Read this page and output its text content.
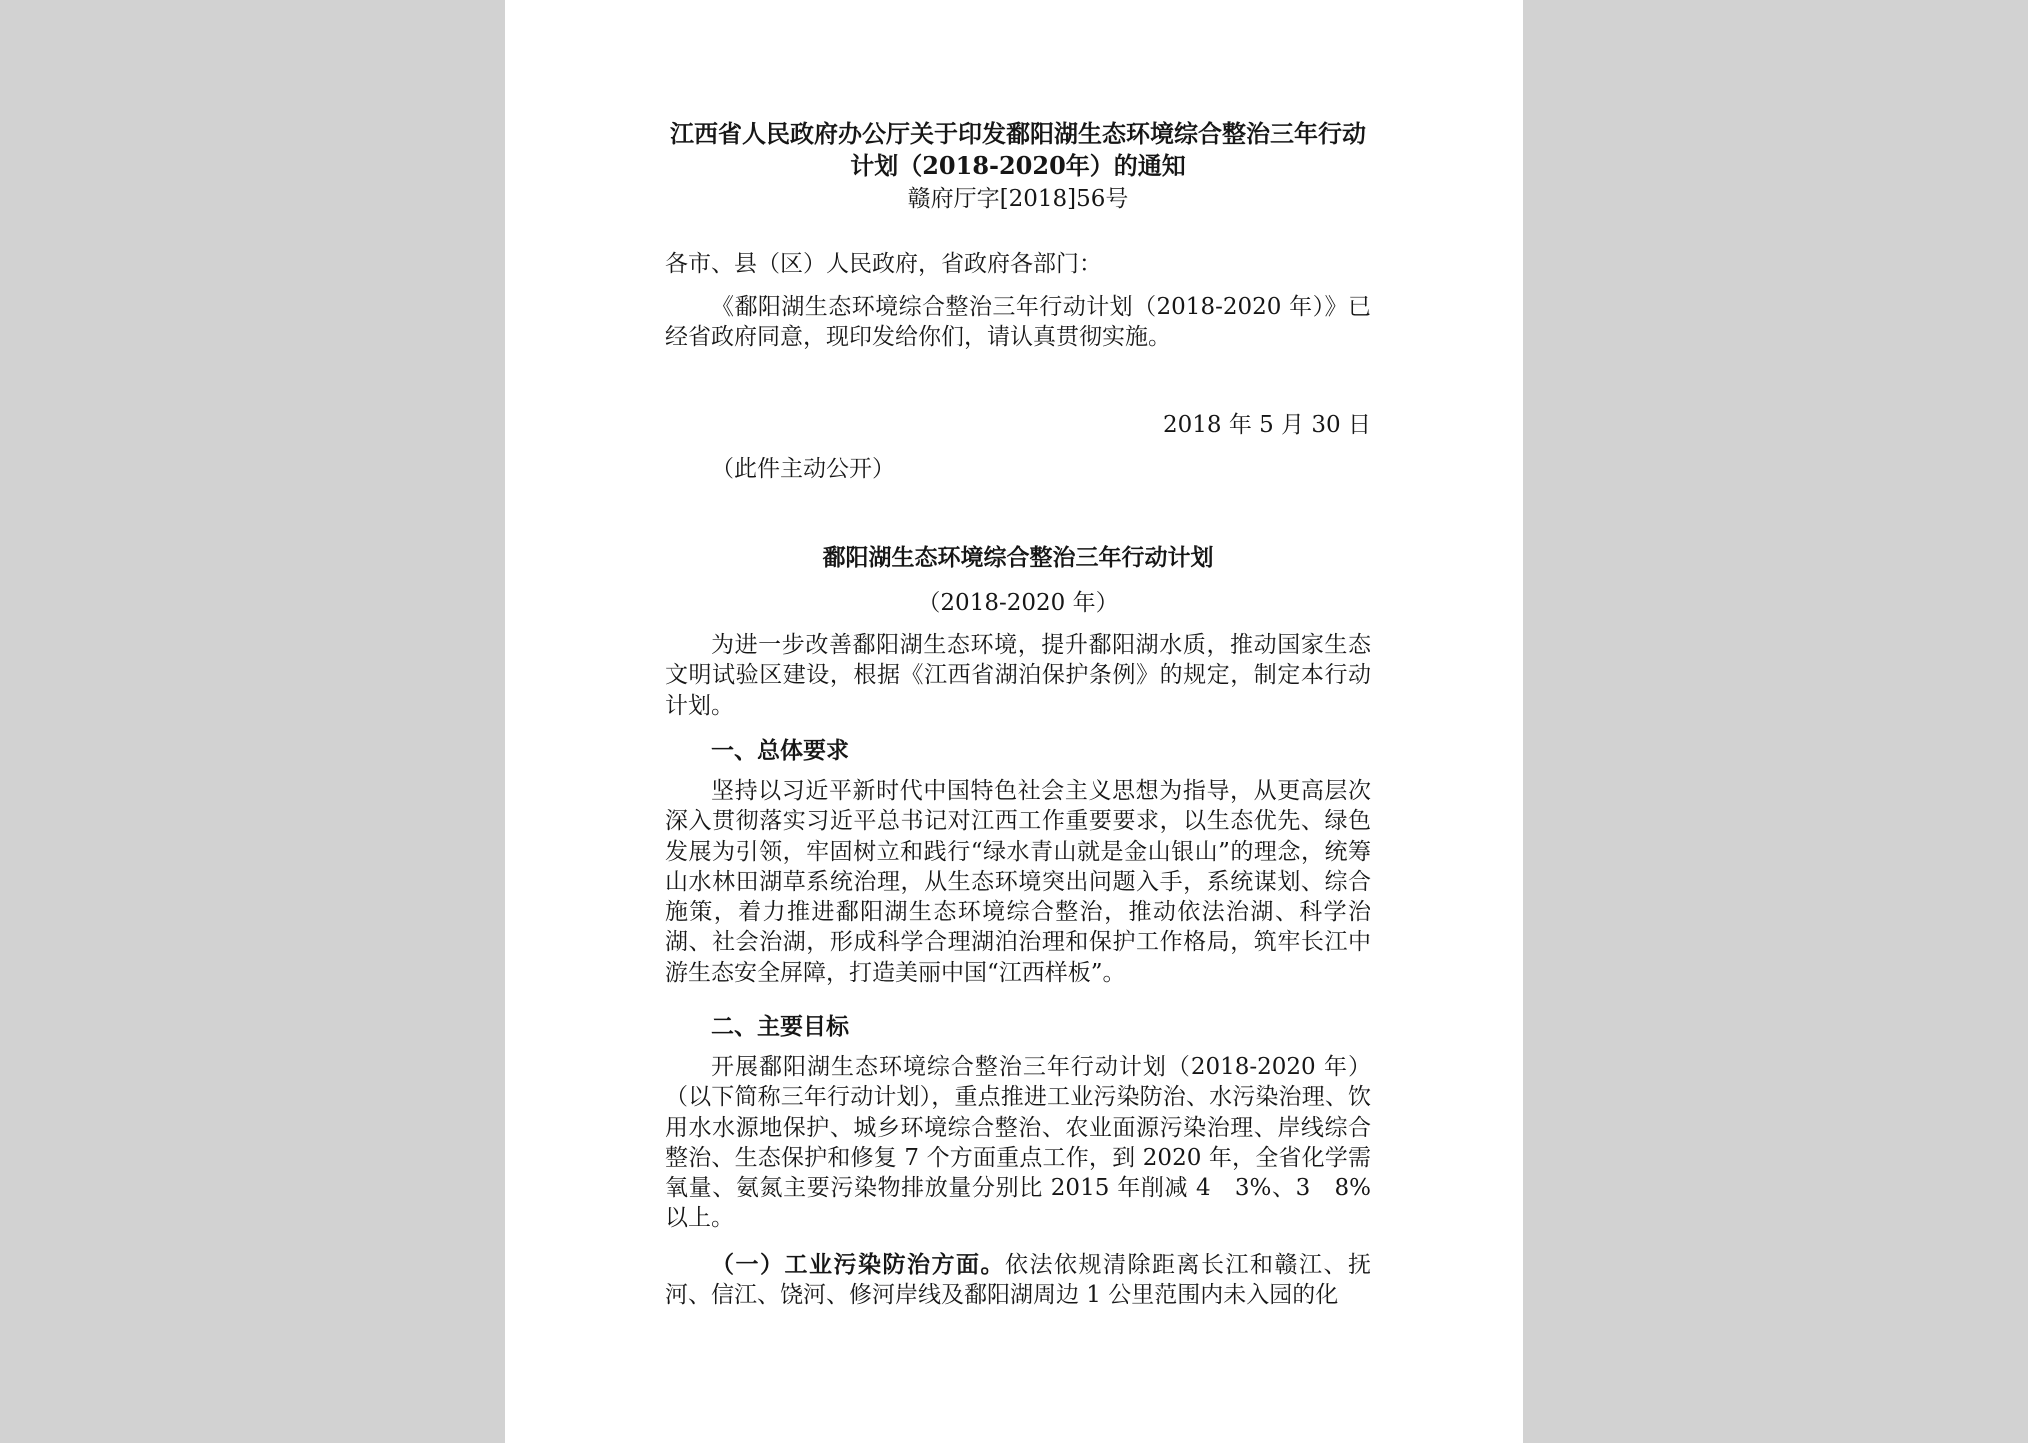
江西省人民政府办公厅关于印发鄱阳湖生态环境综合整治三年行动

计划（2018-2020年）的通知

赣府厅字[2018]56号

各市、县（区）人民政府，省政府各部门：

《鄱阳湖生态环境综合整治三年行动计划（2018-2020 年）》已经省政府同意，现印发给你们，请认真贯彻实施。

2018 年 5 月 30 日

（此件主动公开）

鄱阳湖生态环境综合整治三年行动计划

（2018-2020 年）

为进一步改善鄱阳湖生态环境，提升鄱阳湖水质，推动国家生态文明试验区建设，根据《江西省湖泊保护条例》的规定，制定本行动计划。

一、总体要求

坚持以习近平新时代中国特色社会主义思想为指导，从更高层次深入贯彻落实习近平总书记对江西工作重要要求，以生态优先、绿色发展为引领，牢固树立和践行“绿水青山就是金山银山”的理念，统筹山水林田湖草系统治理，从生态环境突出问题入手，系统谋划、综合施策，着力推进鄱阳湖生态环境综合整治，推动依法治湖、科学治湖、社会治湖，形成科学合理湖泊治理和保护工作格局，筑牢长江中游生态安全屏障，打造美丽中国“江西样板”。

二、主要目标

开展鄱阳湖生态环境综合整治三年行动计划（2018-2020 年）（以下简称三年行动计划），重点推进工业污染防治、水污染治理、饮用水水源地保护、城乡环境综合整治、农业面源污染治理、岸线综合整治、生态保护和修复 7 个方面重点工作，到 2020 年，全省化学需氧量、氨氮主要污染物排放量分别比 2015 年削减 4　3%、3　8%以上。

（一）工业污染防治方面。依法依规清除距离长江和赣江、抚河、信江、饶河、修河岸线及鄱阳湖周边 1 公里范围内未入园的化
